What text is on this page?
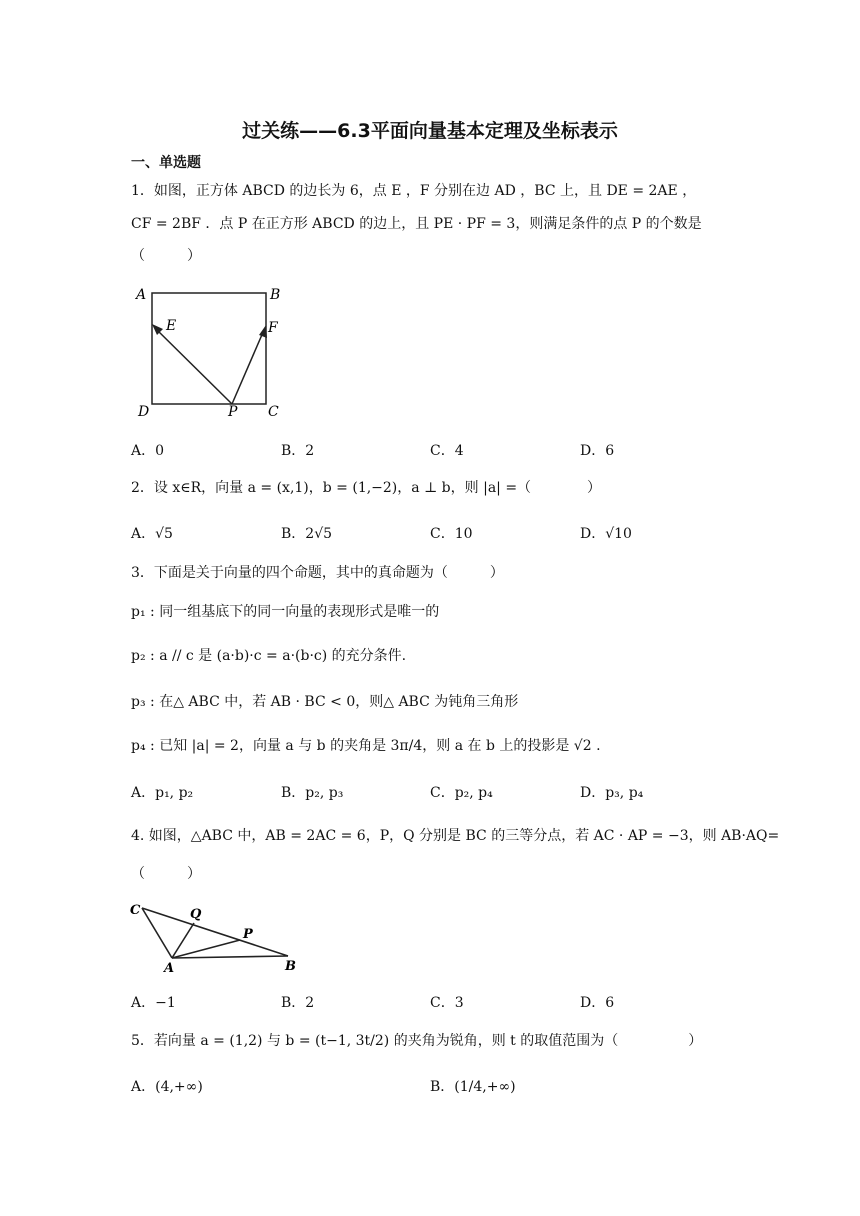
过关练——6.3平面向量基本定理及坐标表示
一、单选题
1．如图，正方体 ABCD 的边长为 6，点 E ，F 分别在边 AD ，BC 上，且 DE = 2AE ，
CF = 2BF ．点 P 在正方形 ABCD 的边上，且 PE · PF = 3，则满足条件的点 P 的个数是
（　　　）
A	B
C
D
E	F
P
A．0	B．2	C．4	D．6
2．设 x∈R，向量 a = (x,1)，b = (1,−2)，a ⊥ b，则 |a| =（　　　　）
A．√5	B．2√5	C．10	D．√10
3．下面是关于向量的四个命题，其中的真命题为（　　　）
p₁ : 同一组基底下的同一向量的表现形式是唯一的
p₂ : a // c 是 (a·b)·c = a·(b·c) 的充分条件.
p₃ : 在△ ABC 中，若 AB · BC < 0，则△ ABC 为钝角三角形
p₄ : 已知 |a| = 2，向量 a 与 b 的夹角是 3π/4，则 a 在 b 上的投影是 √2 .
A．p₁, p₂	B．p₂, p₃	C．p₂, p₄	D．p₃, p₄
4. 如图，△ABC 中，AB = 2AC = 6，P，Q 分别是 BC 的三等分点，若 AC · AP = −3，则 AB·AQ=
（　　　）
C	Q
P
A	B
A．−1	B．2	C．3	D．6
5．若向量 a = (1,2) 与 b = (t−1, 3t/2) 的夹角为锐角，则 t 的取值范围为（　　　　　）
A．(4,+∞)	B．(1/4,+∞)
